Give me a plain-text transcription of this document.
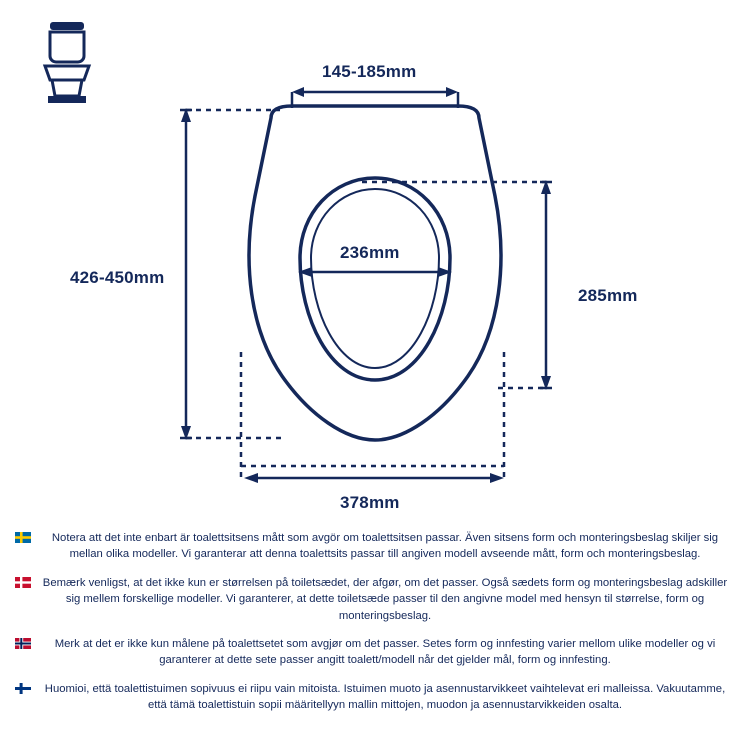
145-185mm
426-450mm
236mm
285mm
378mm
Notera att det inte enbart är toalettsitsens mått som avgör om toalettsitsen passar. Även sitsens form och monteringsbeslag skiljer sig mellan olika modeller. Vi garanterar att denna toalettsits passar till angiven modell avseende mått, form och monteringsbeslag.
Bemærk venligst, at det ikke kun er størrelsen på toiletsædet, der afgør, om det passer. Også sædets form og monteringsbeslag adskiller sig mellem forskellige modeller. Vi garanterer, at dette toiletsæde passer til den angivne model med hensyn til størrelse, form og monteringsbeslag.
Merk at det er ikke kun målene på toalettsetet som avgjør om det passer. Setes form og innfesting varier mellom ulike modeller og vi garanterer at dette sete passer angitt toalett/modell når det gjelder mål, form og innfesting.
Huomioi, että toalettistuimen sopivuus ei riipu vain mitoista. Istuimen muoto ja asennustarvikkeet vaihtelevat eri malleissa. Vakuutamme, että tämä toalettistuin sopii määritellyyn mallin mittojen, muodon ja asennustarvikkeiden osalta.
